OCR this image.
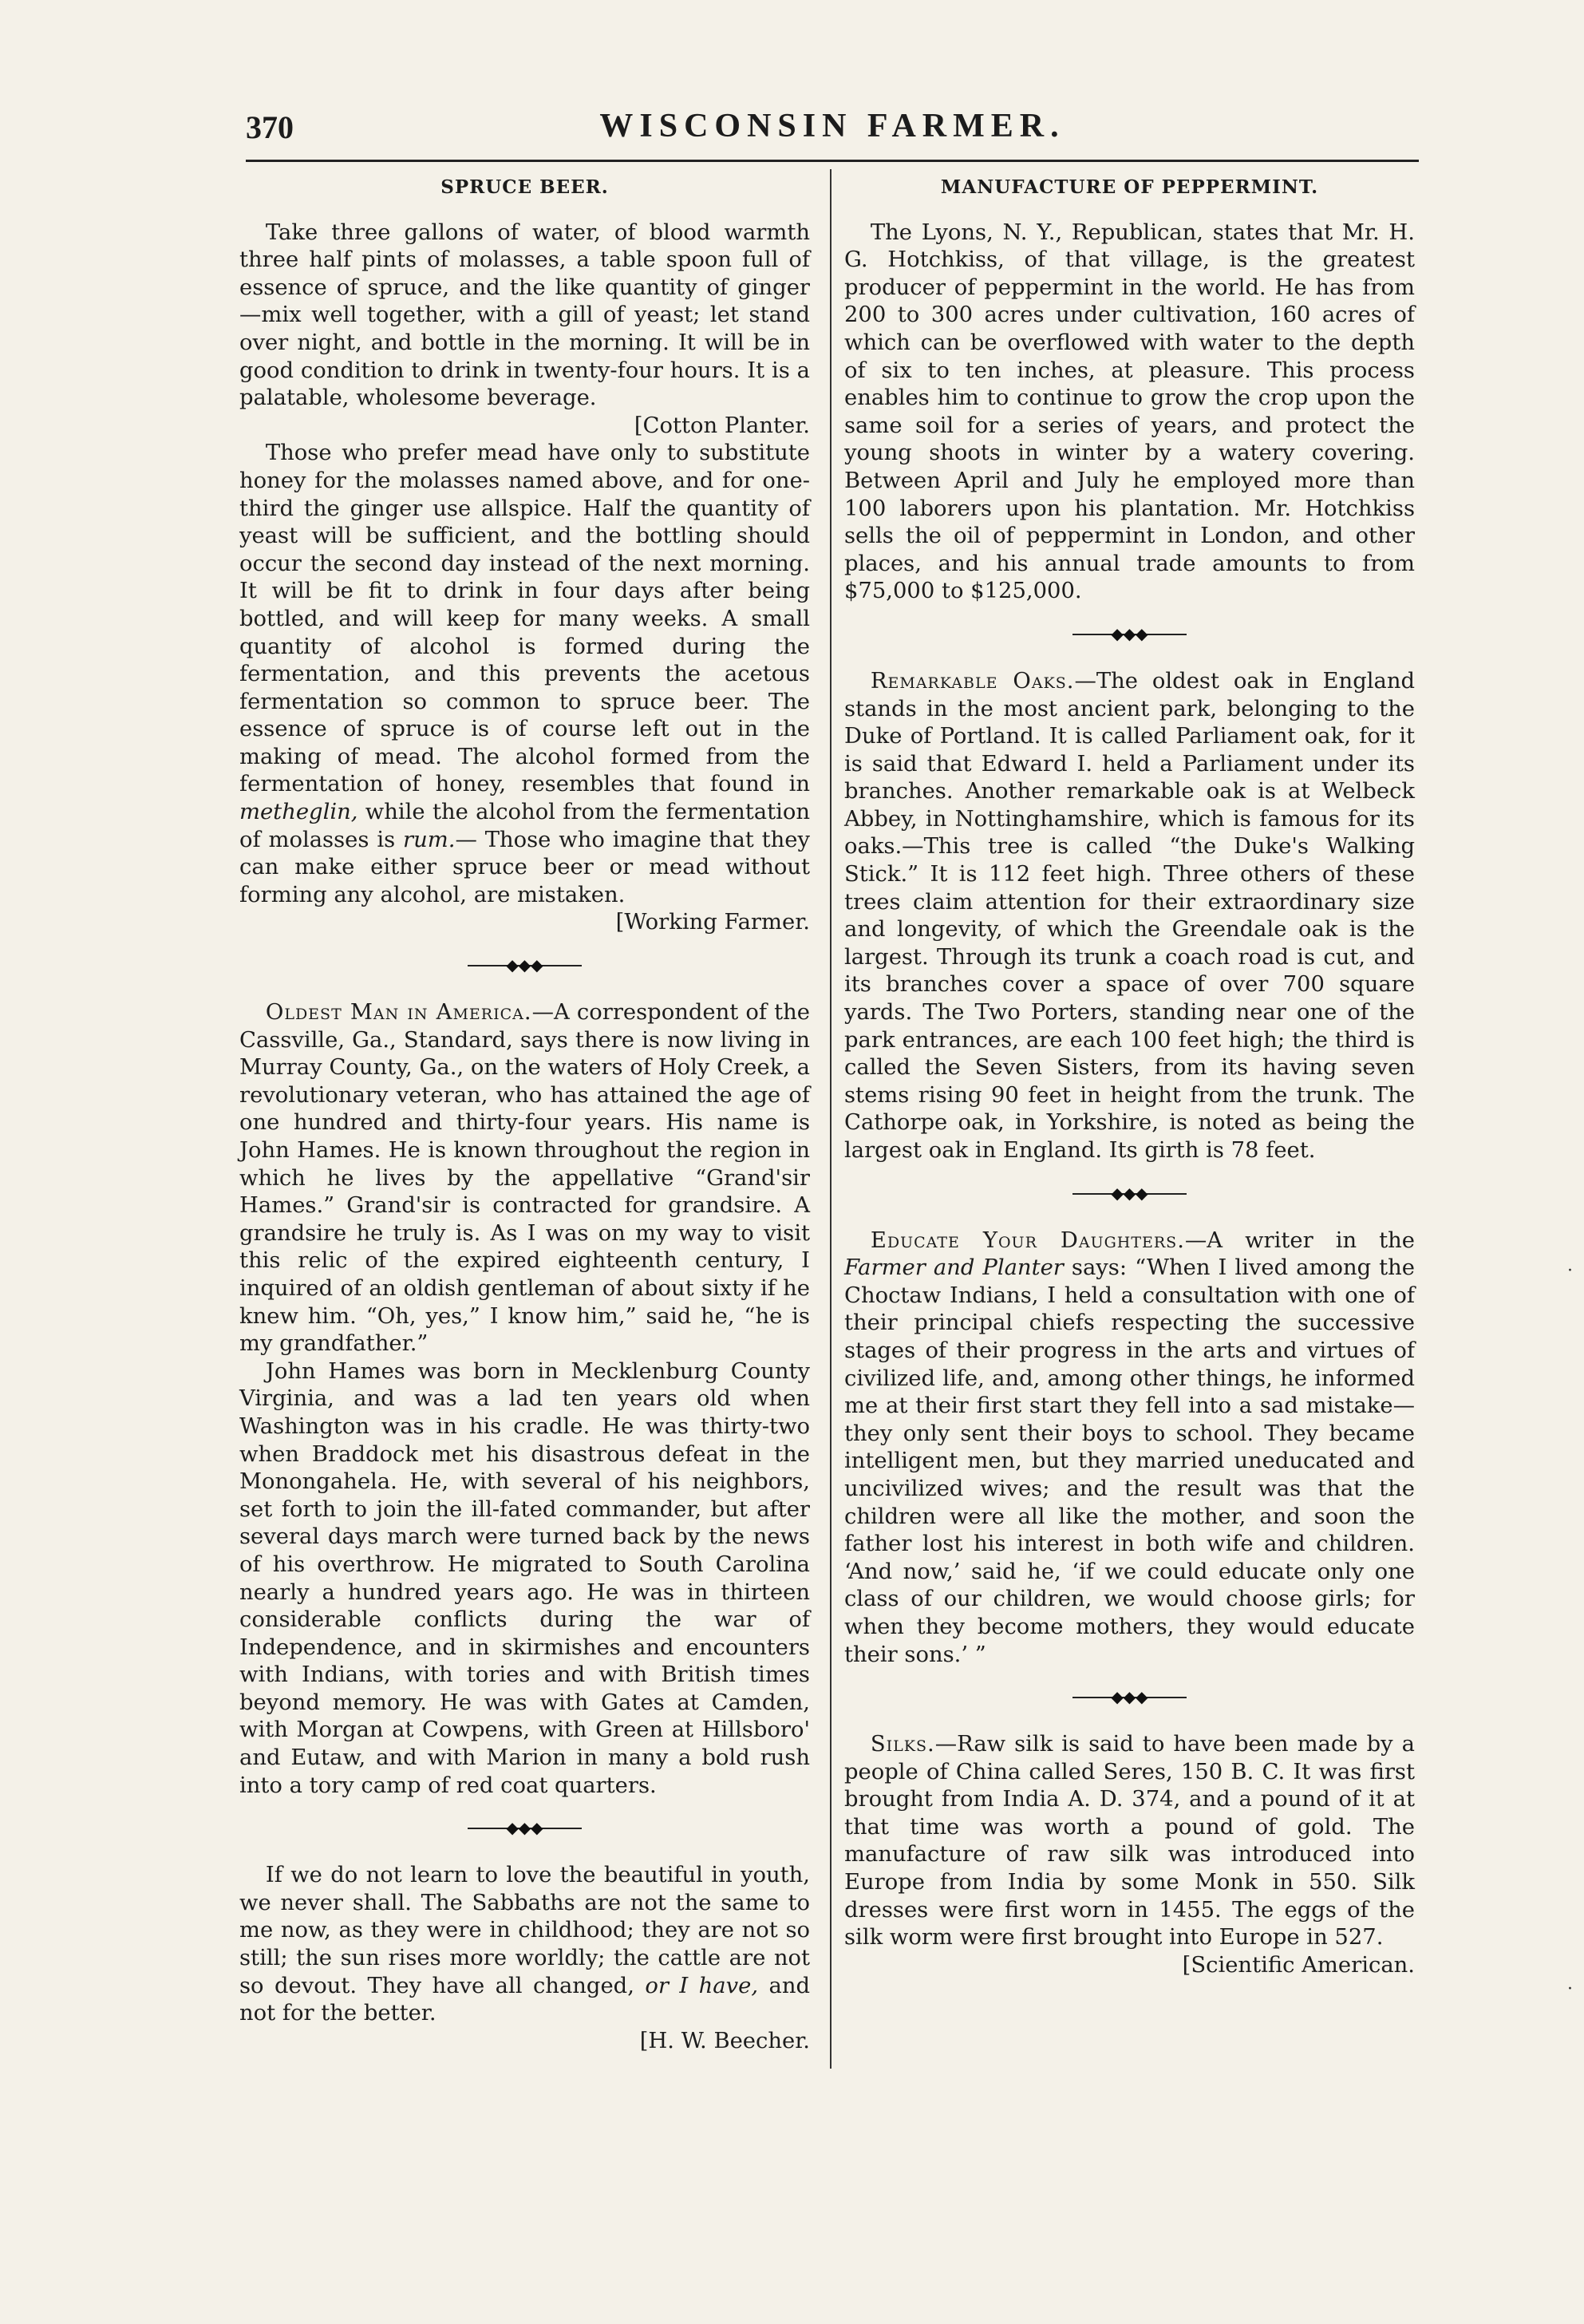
370	WISCONSIN FARMER.
SPRUCE BEER.

Take three gallons of water, of blood warmth three half pints of molasses, a table spoon full of essence of spruce, and the like quantity of ginger—mix well together, with a gill of yeast; let stand over night, and bottle in the morning. It will be in good condition to drink in twenty-four hours. It is a palatable, wholesome beverage.
[Cotton Planter.

Those who prefer mead have only to substitute honey for the molasses named above, and for one-third the ginger use allspice. Half the quantity of yeast will be sufficient, and the bottling should occur the second day instead of the next morning. It will be fit to drink in four days after being bottled, and will keep for many weeks. A small quantity of alcohol is formed during the fermentation, and this prevents the acetous fermentation so common to spruce beer. The essence of spruce is of course left out in the making of mead. The alcohol formed from the fermentation of honey, resembles that found in metheglin, while the alcohol from the fermentation of molasses is rum.— Those who imagine that they can make either spruce beer or mead without forming any alcohol, are mistaken.
[Working Farmer.

◆◆◆

Oldest Man in America.—A correspondent of the Cassville, Ga., Standard, says there is now living in Murray County, Ga., on the waters of Holy Creek, a revolutionary veteran, who has attained the age of one hundred and thirty-four years. His name is John Hames. He is known throughout the region in which he lives by the appellative “Grand'sir Hames.” Grand'sir is contracted for grandsire. A grandsire he truly is. As I was on my way to visit this relic of the expired eighteenth century, I inquired of an oldish gentleman of about sixty if he knew him. “Oh, yes,” I know him,” said he, “he is my grandfather.”

John Hames was born in Mecklenburg County Virginia, and was a lad ten years old when Washington was in his cradle. He was thirty-two when Braddock met his disastrous defeat in the Monongahela. He, with several of his neighbors, set forth to join the ill-fated commander, but after several days march were turned back by the news of his overthrow. He migrated to South Carolina nearly a hundred years ago. He was in thirteen considerable conflicts during the war of Independence, and in skirmishes and encounters with Indians, with tories and with British times beyond memory. He was with Gates at Camden, with Morgan at Cowpens, with Green at Hillsboro' and Eutaw, and with Marion in many a bold rush into a tory camp of red coat quarters.

◆◆◆

If we do not learn to love the beautiful in youth, we never shall. The Sabbaths are not the same to me now, as they were in childhood; they are not so still; the sun rises more worldly; the cattle are not so devout. They have all changed, or I have, and not for the better.
[H. W. Beecher.

MANUFACTURE OF PEPPERMINT.

The Lyons, N. Y., Republican, states that Mr. H. G. Hotchkiss, of that village, is the greatest producer of peppermint in the world. He has from 200 to 300 acres under cultivation, 160 acres of which can be overflowed with water to the depth of six to ten inches, at pleasure. This process enables him to continue to grow the crop upon the same soil for a series of years, and protect the young shoots in winter by a watery covering. Between April and July he employed more than 100 laborers upon his plantation. Mr. Hotchkiss sells the oil of peppermint in London, and other places, and his annual trade amounts to from $75,000 to $125,000.

◆◆◆

Remarkable Oaks.—The oldest oak in England stands in the most ancient park, belonging to the Duke of Portland. It is called Parliament oak, for it is said that Edward I. held a Parliament under its branches. Another remarkable oak is at Welbeck Abbey, in Nottinghamshire, which is famous for its oaks.—This tree is called “the Duke's Walking Stick.” It is 112 feet high. Three others of these trees claim attention for their extraordinary size and longevity, of which the Greendale oak is the largest. Through its trunk a coach road is cut, and its branches cover a space of over 700 square yards. The Two Porters, standing near one of the park entrances, are each 100 feet high; the third is called the Seven Sisters, from its having seven stems rising 90 feet in height from the trunk. The Cathorpe oak, in Yorkshire, is noted as being the largest oak in England. Its girth is 78 feet.

◆◆◆

Educate Your Daughters.—A writer in the Farmer and Planter says: “When I lived among the Choctaw Indians, I held a consultation with one of their principal chiefs respecting the successive stages of their progress in the arts and virtues of civilized life, and, among other things, he informed me at their first start they fell into a sad mistake—they only sent their boys to school. They became intelligent men, but they married uneducated and uncivilized wives; and the result was that the children were all like the mother, and soon the father lost his interest in both wife and children. ‘And now,’ said he, ‘if we could educate only one class of our children, we would choose girls; for when they become mothers, they would educate their sons.’ ”

◆◆◆

Silks.—Raw silk is said to have been made by a people of China called Seres, 150 B. C. It was first brought from India A. D. 374, and a pound of it at that time was worth a pound of gold. The manufacture of raw silk was introduced into Europe from India by some Monk in 550. Silk dresses were first worn in 1455. The eggs of the silk worm were first brought into Europe in 527.
[Scientific American.

·
·
